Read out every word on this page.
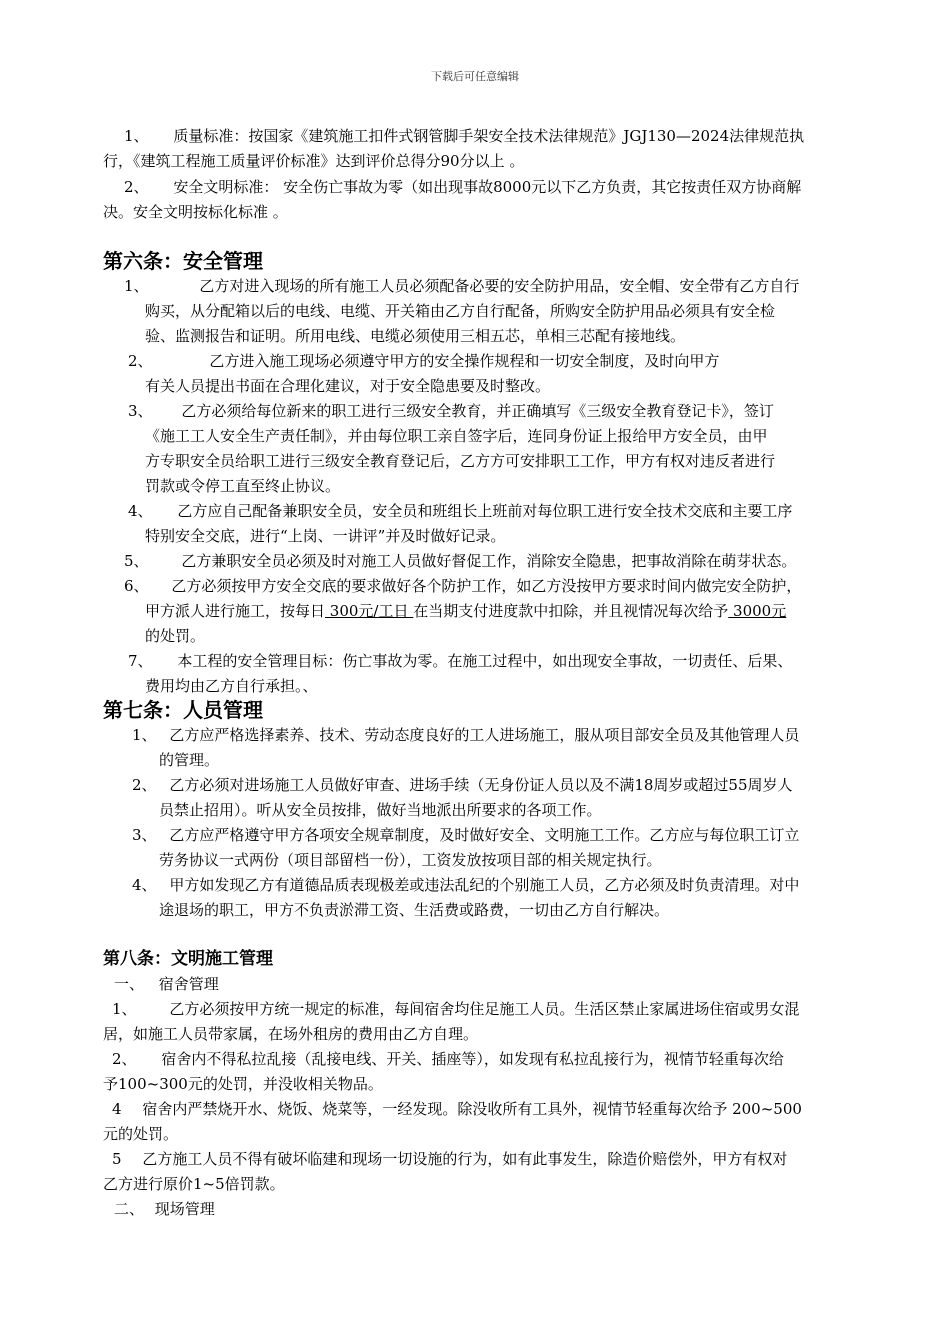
下载后可任意编辑
1、 质量标准：按国家《建筑施工扣件式钢管脚手架安全技术法律规范》JGJ130—2024法律规范执
行，《建筑工程施工质量评价标准》达到评价总得分90分以上 。
2、 安全文明标准： 安全伤亡事故为零（如出现事故8000元以下乙方负责，其它按责任双方协商解
决。安全文明按标化标准 。
第六条：安全管理
1、	乙方对进入现场的所有施工人员必须配备必要的安全防护用品，安全帽、安全带有乙方自行
购买，从分配箱以后的电线、电缆、开关箱由乙方自行配备，所购安全防护用品必须具有安全检
验、监测报告和证明。所用电线、电缆必须使用三相五芯，单相三芯配有接地线。
2、	乙方进入施工现场必须遵守甲方的安全操作规程和一切安全制度，及时向甲方
有关人员提出书面在合理化建议，对于安全隐患要及时整改。
3、 乙方必须给每位新来的职工进行三级安全教育，并正确填写《三级安全教育登记卡》，签订
《施工工人安全生产责任制》，并由每位职工亲自签字后，连同身份证上报给甲方安全员，由甲
方专职安全员给职工进行三级安全教育登记后，乙方方可安排职工工作，甲方有权对违反者进行
罚款或令停工直至终止协议。
4、 乙方应自己配备兼职安全员，安全员和班组长上班前对每位职工进行安全技术交底和主要工序
特别安全交底，进行“上岗、一讲评”并及时做好记录。
5、 乙方兼职安全员必须及时对施工人员做好督促工作，消除安全隐患，把事故消除在萌芽状态。
6、 乙方必须按甲方安全交底的要求做好各个防护工作，如乙方没按甲方要求时间内做完安全防护，
甲方派人进行施工，按每日 300元/工日 在当期支付进度款中扣除，并且视情况每次给予 3000元
的处罚。
7、 本工程的安全管理目标：伤亡事故为零。在施工过程中，如出现安全事故，一切责任、后果、
费用均由乙方自行承担。、
第七条：人员管理
1、 乙方应严格选择素养、技术、劳动态度良好的工人进场施工，服从项目部安全员及其他管理人员
的管理。
2、 乙方必须对进场施工人员做好审查、进场手续（无身份证人员以及不满18周岁或超过55周岁人
员禁止招用）。听从安全员按排，做好当地派出所要求的各项工作。
3、 乙方应严格遵守甲方各项安全规章制度，及时做好安全、文明施工工作。乙方应与每位职工订立
劳务协议一式两份（项目部留档一份），工资发放按项目部的相关规定执行。
4、 甲方如发现乙方有道德品质表现极差或违法乱纪的个别施工人员，乙方必须及时负责清理。对中
途退场的职工，甲方不负责淤滞工资、生活费或路费，一切由乙方自行解决。
第八条：文明施工管理
一、 宿舍管理
1、 乙方必须按甲方统一规定的标准，每间宿舍均住足施工人员。生活区禁止家属进场住宿或男女混
居，如施工人员带家属，在场外租房的费用由乙方自理。
2、 宿舍内不得私拉乱接（乱接电线、开关、插座等），如发现有私拉乱接行为，视情节轻重每次给
予100~300元的处罚，并没收相关物品。
4 宿舍内严禁烧开水、烧饭、烧菜等，一经发现。除没收所有工具外，视情节轻重每次给予 200~500
元的处罚。
5 乙方施工人员不得有破坏临建和现场一切设施的行为，如有此事发生，除造价赔偿外，甲方有权对
乙方进行原价1~5倍罚款。
二、 现场管理
